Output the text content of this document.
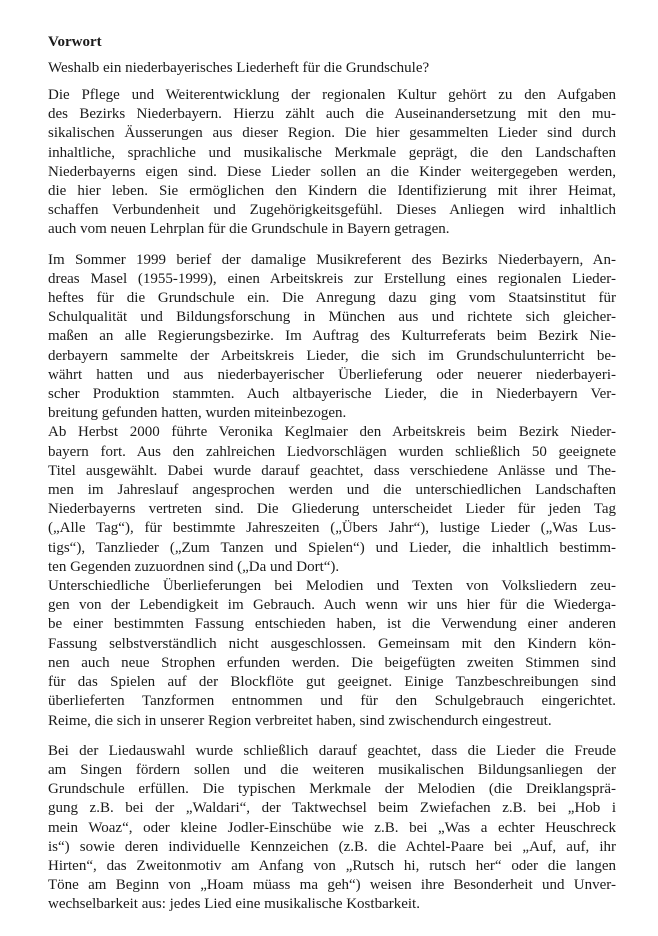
Vorwort
Weshalb ein niederbayerisches Liederheft für die Grundschule?
Die Pflege und Weiterentwicklung der regionalen Kultur gehört zu den Aufgaben
des Bezirks Niederbayern. Hierzu zählt auch die Auseinandersetzung mit den mu-
sikalischen Äusserungen aus dieser Region. Die hier gesammelten Lieder sind durch
inhaltliche, sprachliche und musikalische Merkmale geprägt, die den Landschaften
Niederbayerns eigen sind. Diese Lieder sollen an die Kinder weitergegeben werden,
die hier leben. Sie ermöglichen den Kindern die Identifizierung mit ihrer Heimat,
schaffen Verbundenheit und Zugehörigkeitsgefühl. Dieses Anliegen wird inhaltlich
auch vom neuen Lehrplan für die Grundschule in Bayern getragen.
Im Sommer 1999 berief der damalige Musikreferent des Bezirks Niederbayern, An-
dreas Masel (1955-1999), einen Arbeitskreis zur Erstellung eines regionalen Lieder-
heftes für die Grundschule ein. Die Anregung dazu ging vom Staatsinstitut für
Schulqualität und Bildungsforschung in München aus und richtete sich gleicher-
maßen an alle Regierungsbezirke. Im Auftrag des Kulturreferats beim Bezirk Nie-
derbayern sammelte der Arbeitskreis Lieder, die sich im Grundschulunterricht be-
währt hatten und aus niederbayerischer Überlieferung oder neuerer niederbayeri-
scher Produktion stammten. Auch altbayerische Lieder, die in Niederbayern Ver-
breitung gefunden hatten, wurden miteinbezogen.
Ab Herbst 2000 führte Veronika Keglmaier den Arbeitskreis beim Bezirk Nieder-
bayern fort. Aus den zahlreichen Liedvorschlägen wurden schließlich 50 geeignete
Titel ausgewählt. Dabei wurde darauf geachtet, dass verschiedene Anlässe und The-
men im Jahreslauf angesprochen werden und die unterschiedlichen Landschaften
Niederbayerns vertreten sind. Die Gliederung unterscheidet Lieder für jeden Tag
(„Alle Tag“), für bestimmte Jahreszeiten („Übers Jahr“), lustige Lieder („Was Lus-
tigs“), Tanzlieder („Zum Tanzen und Spielen“) und Lieder, die inhaltlich bestimm-
ten Gegenden zuzuordnen sind („Da und Dort“).
Unterschiedliche Überlieferungen bei Melodien und Texten von Volksliedern zeu-
gen von der Lebendigkeit im Gebrauch. Auch wenn wir uns hier für die Wiederga-
be einer bestimmten Fassung entschieden haben, ist die Verwendung einer anderen
Fassung selbstverständlich nicht ausgeschlossen. Gemeinsam mit den Kindern kön-
nen auch neue Strophen erfunden werden. Die beigefügten zweiten Stimmen sind
für das Spielen auf der Blockflöte gut geeignet. Einige Tanzbeschreibungen sind
überlieferten Tanzformen entnommen und für den Schulgebrauch eingerichtet.
Reime, die sich in unserer Region verbreitet haben, sind zwischendurch eingestreut.
Bei der Liedauswahl wurde schließlich darauf geachtet, dass die Lieder die Freude
am Singen fördern sollen und die weiteren musikalischen Bildungsanliegen der
Grundschule erfüllen. Die typischen Merkmale der Melodien (die Dreiklangsprä-
gung z.B. bei der „Waldari“, der Taktwechsel beim Zwiefachen z.B. bei „Hob i
mein Woaz“, oder kleine Jodler-Einschübe wie z.B. bei „Was a echter Heuschreck
is“) sowie deren individuelle Kennzeichen (z.B. die Achtel-Paare bei „Auf, auf, ihr
Hirten“, das Zweitonmotiv am Anfang von „Rutsch hi, rutsch her“ oder die langen
Töne am Beginn von „Hoam müass ma geh“) weisen ihre Besonderheit und Unver-
wechselbarkeit aus: jedes Lied eine musikalische Kostbarkeit.
